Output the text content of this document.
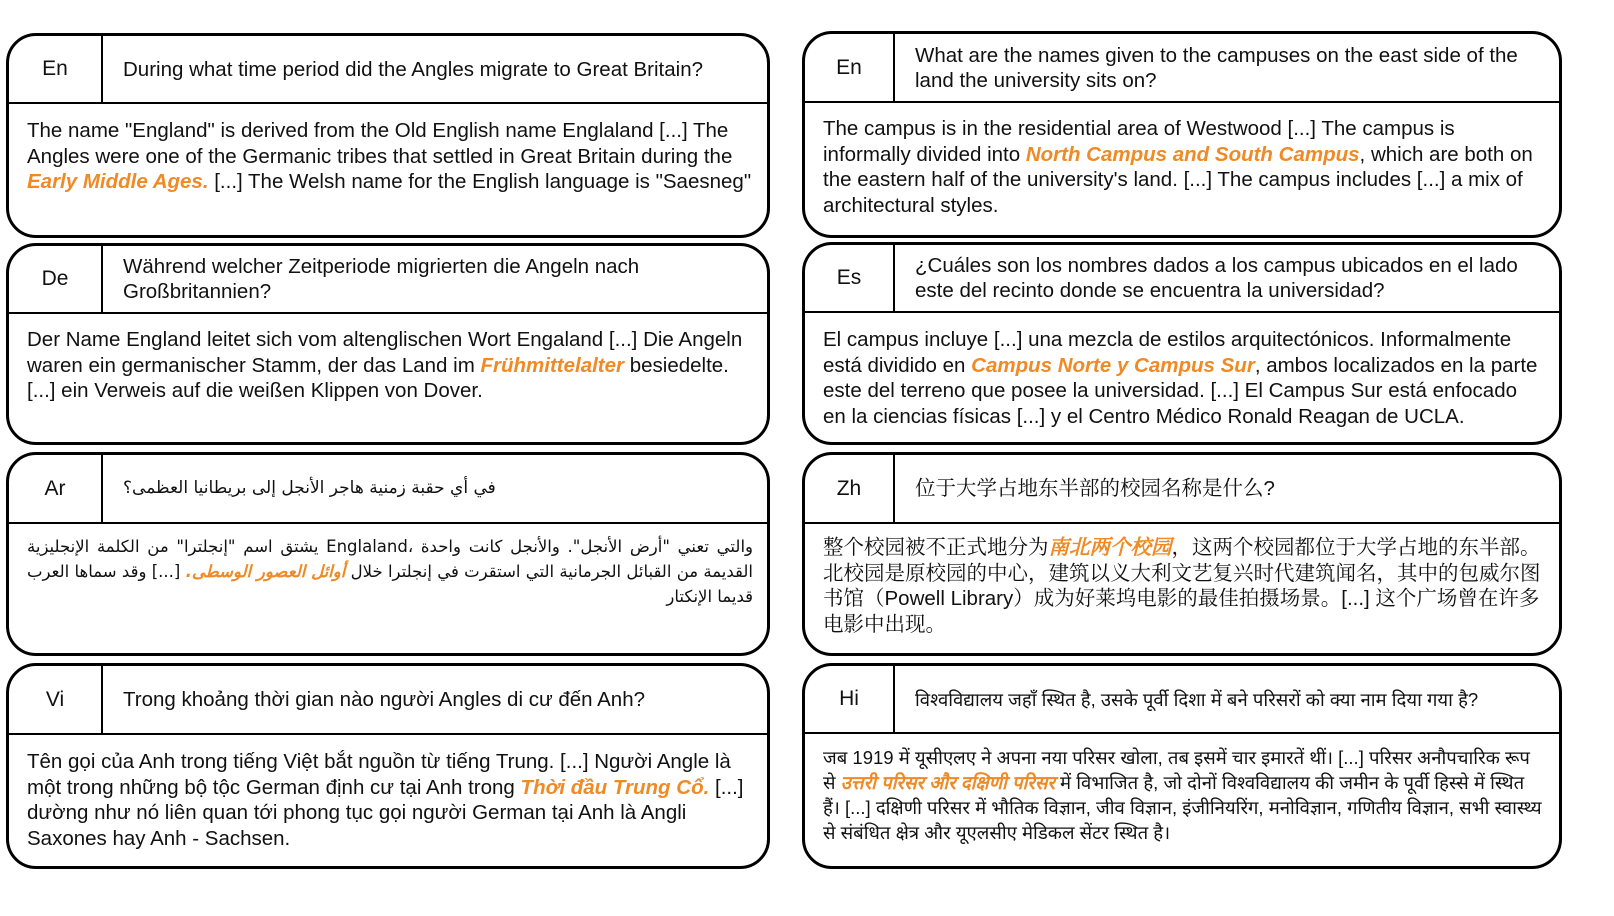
En	During what time period did the Angles migrate to Great Britain?
The name "England" is derived from the Old English name Englaland [...] The Angles were one of the Germanic tribes that settled in Great Britain during the Early Middle Ages. [...] The Welsh name for the English language is "Saesneg"
De
Während welcher Zeitperiode migrierten die Angeln nach Großbritannien?
Der Name England leitet sich vom altenglischen Wort Engaland [...] Die Angeln waren ein germanischer Stamm, der das Land im Frühmittelalter besiedelte. [...] ein Verweis auf die weißen Klippen von Dover.
Ar	في أي حقبة زمنية هاجر الأنجل إلى بريطانيا العظمى؟
والتي تعني "أرض الأنجل". والأنجل كانت واحدة ،Englaland يشتق اسم "إنجلترا" من الكلمة الإنجليزية القديمة من القبائل الجرمانية التي استقرت في إنجلترا خلال أوائل العصور الوسطى. [...] وقد سماها العرب قديما الإنكتار
Vi	Trong khoảng thời gian nào người Angles di cư đến Anh?
Tên gọi của Anh trong tiếng Việt bắt nguồn từ tiếng Trung. [...] Người Angle là một trong những bộ tộc German định cư tại Anh trong Thời đầu Trung Cổ. [...] dường như nó liên quan tới phong tục gọi người German tại Anh là Angli Saxones hay Anh - Sachsen.
En
What are the names given to the campuses on the east side of the land the university sits on?
The campus is in the residential area of Westwood [...] The campus is informally divided into North Campus and South Campus, which are both on the eastern half of the university's land. [...] The campus includes [...] a mix of architectural styles.
Es
¿Cuáles son los nombres dados a los campus ubicados en el lado este del recinto donde se encuentra la universidad?
El campus incluye [...] una mezcla de estilos arquitectónicos. Informalmente está dividido en Campus Norte y Campus Sur, ambos localizados en la parte este del terreno que posee la universidad. [...] El Campus Sur está enfocado en la ciencias físicas [...] y el Centro Médico Ronald Reagan de UCLA.
Zh	位于大学占地东半部的校园名称是什么?
整个校园被不正式地分为南北两个校园，这两个校园都位于大学占地的东半部。北校园是原校园的中心，建筑以义大利文艺复兴时代建筑闻名，其中的包威尔图书馆（Powell Library）成为好莱坞电影的最佳拍摄场景。[...] 这个广场曾在许多电影中出现。
Hi	विश्वविद्यालय जहाँ स्थित है, उसके पूर्वी दिशा में बने परिसरों को क्या नाम दिया गया है?
जब 1919 में यूसीएलए ने अपना नया परिसर खोला, तब इसमें चार इमारतें थीं। [...] परिसर अनौपचारिक रूप से उत्तरी परिसर और दक्षिणी परिसर में विभाजित है, जो दोनों विश्वविद्यालय की जमीन के पूर्वी हिस्से में स्थित हैं। [...] दक्षिणी परिसर में भौतिक विज्ञान, जीव विज्ञान, इंजीनियरिंग, मनोविज्ञान, गणितीय विज्ञान, सभी स्वास्थ्य से संबंधित क्षेत्र और यूएलसीए मेडिकल सेंटर स्थित है।
